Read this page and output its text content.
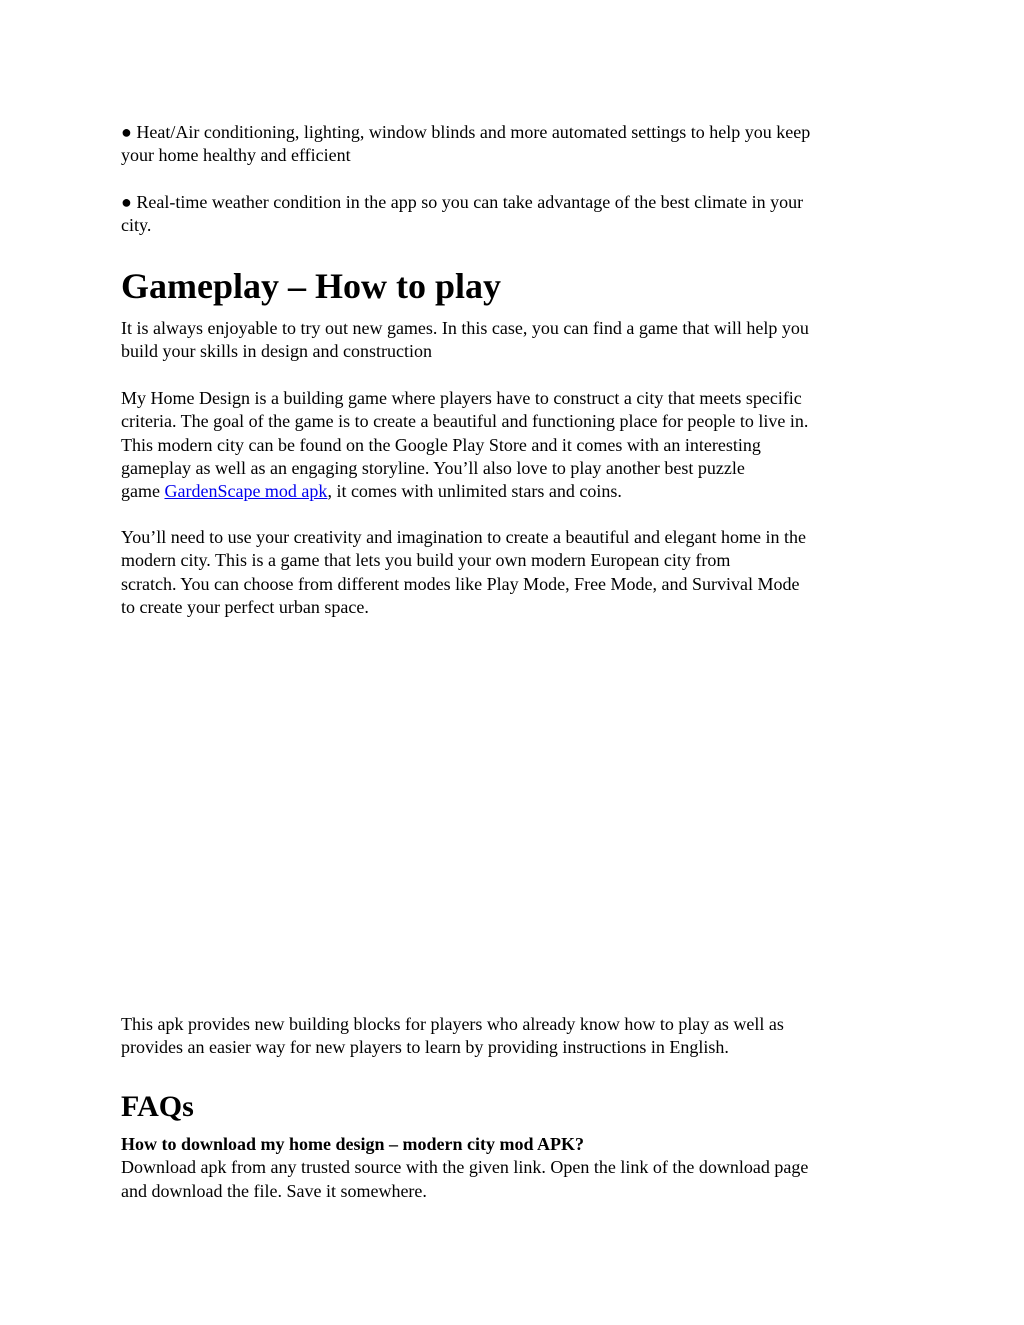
● Heat/Air conditioning, lighting, window blinds and more automated settings to help you keep
your home healthy and efficient

● Real-time weather condition in the app so you can take advantage of the best climate in your
city.

Gameplay – How to play

It is always enjoyable to try out new games. In this case, you can find a game that will help you
build your skills in design and construction

My Home Design is a building game where players have to construct a city that meets specific
criteria. The goal of the game is to create a beautiful and functioning place for people to live in.
This modern city can be found on the Google Play Store and it comes with an interesting
gameplay as well as an engaging storyline. You’ll also love to play another best puzzle
game GardenScape mod apk, it comes with unlimited stars and coins.

You’ll need to use your creativity and imagination to create a beautiful and elegant home in the
modern city. This is a game that lets you build your own modern European city from
scratch. You can choose from different modes like Play Mode, Free Mode, and Survival Mode
to create your perfect urban space.

This apk provides new building blocks for players who already know how to play as well as
provides an easier way for new players to learn by providing instructions in English.

FAQs

How to download my home design – modern city mod APK?
Download apk from any trusted source with the given link. Open the link of the download page
and download the file. Save it somewhere.
